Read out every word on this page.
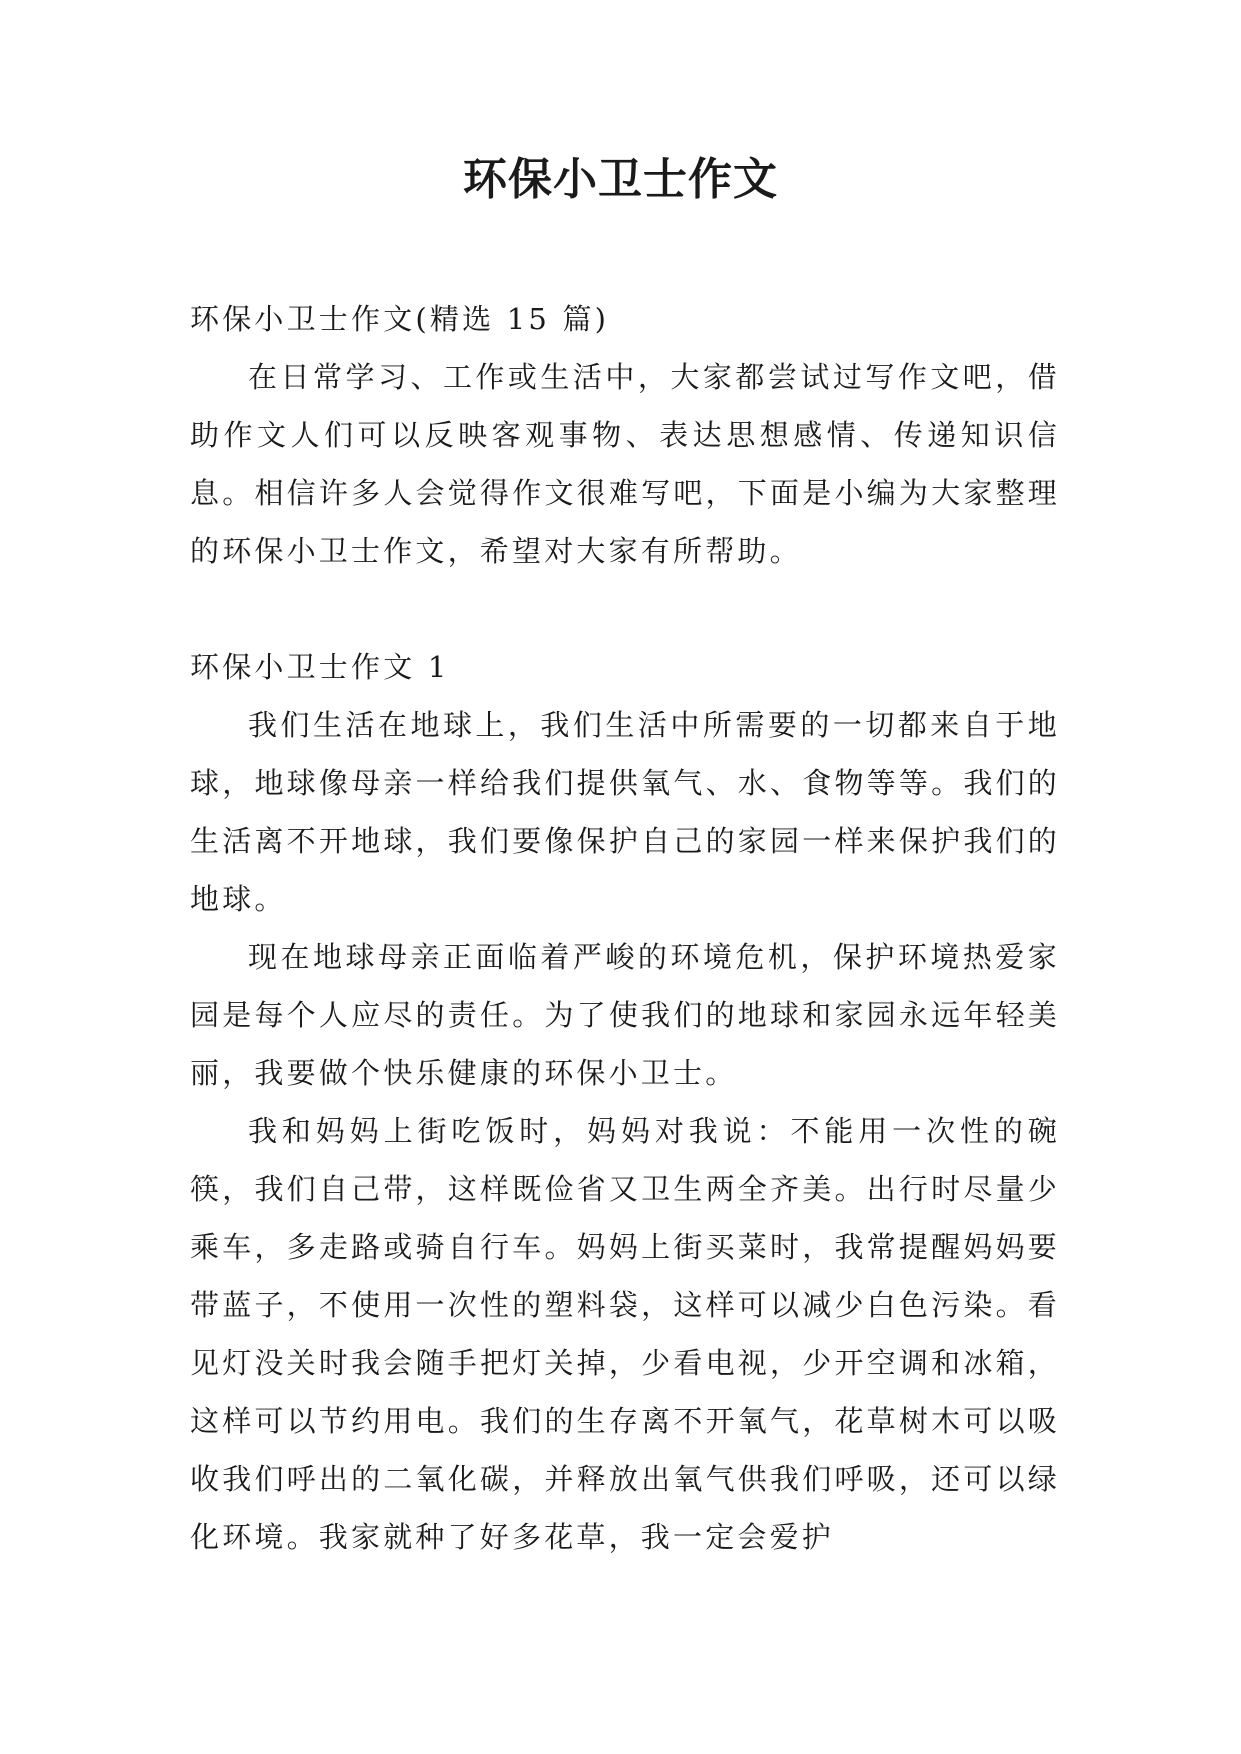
环保小卫士作文

环保小卫士作文(精选 15 篇)

在日常学习、工作或生活中，大家都尝试过写作文吧，借助作文人们可以反映客观事物、表达思想感情、传递知识信息。相信许多人会觉得作文很难写吧，下面是小编为大家整理的环保小卫士作文，希望对大家有所帮助。

环保小卫士作文 1

我们生活在地球上，我们生活中所需要的一切都来自于地球，地球像母亲一样给我们提供氧气、水、食物等等。我们的生活离不开地球，我们要像保护自己的家园一样来保护我们的地球。

现在地球母亲正面临着严峻的环境危机，保护环境热爱家园是每个人应尽的责任。为了使我们的地球和家园永远年轻美丽，我要做个快乐健康的环保小卫士。

我和妈妈上街吃饭时，妈妈对我说：不能用一次性的碗筷，我们自己带，这样既俭省又卫生两全齐美。出行时尽量少乘车，多走路或骑自行车。妈妈上街买菜时，我常提醒妈妈要带蓝子，不使用一次性的塑料袋，这样可以减少白色污染。看见灯没关时我会随手把灯关掉，少看电视，少开空调和冰箱，这样可以节约用电。我们的生存离不开氧气，花草树木可以吸收我们呼出的二氧化碳，并释放出氧气供我们呼吸，还可以绿化环境。我家就种了好多花草，我一定会爱护
